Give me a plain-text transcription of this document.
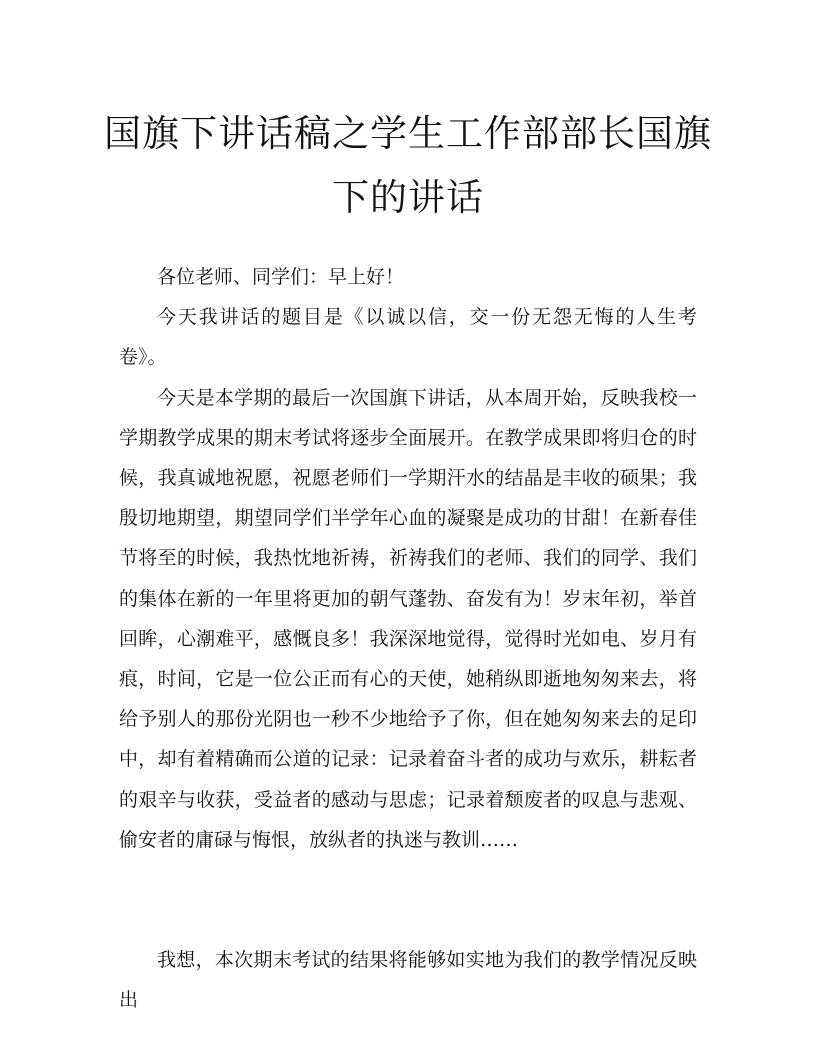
国旗下讲话稿之学生工作部部长国旗
下的讲话

各位老师、同学们：早上好！

今天我讲话的题目是《以诚以信，交一份无怨无悔的人生考卷》。

今天是本学期的最后一次国旗下讲话，从本周开始，反映我校一学期教学成果的期末考试将逐步全面展开。在教学成果即将归仓的时候，我真诚地祝愿，祝愿老师们一学期汗水的结晶是丰收的硕果；我殷切地期望，期望同学们半学年心血的凝聚是成功的甘甜！在新春佳节将至的时候，我热忱地祈祷，祈祷我们的老师、我们的同学、我们的集体在新的一年里将更加的朝气蓬勃、奋发有为！岁末年初，举首回眸，心潮难平，感慨良多！我深深地觉得，觉得时光如电、岁月有痕，时间，它是一位公正而有心的天使，她稍纵即逝地匆匆来去，将给予别人的那份光阴也一秒不少地给予了你，但在她匆匆来去的足印中，却有着精确而公道的记录：记录着奋斗者的成功与欢乐，耕耘者的艰辛与收获，受益者的感动与思虑；记录着颓废者的叹息与悲观、偷安者的庸碌与悔恨，放纵者的执迷与教训……

我想，本次期末考试的结果将能够如实地为我们的教学情况反映出
